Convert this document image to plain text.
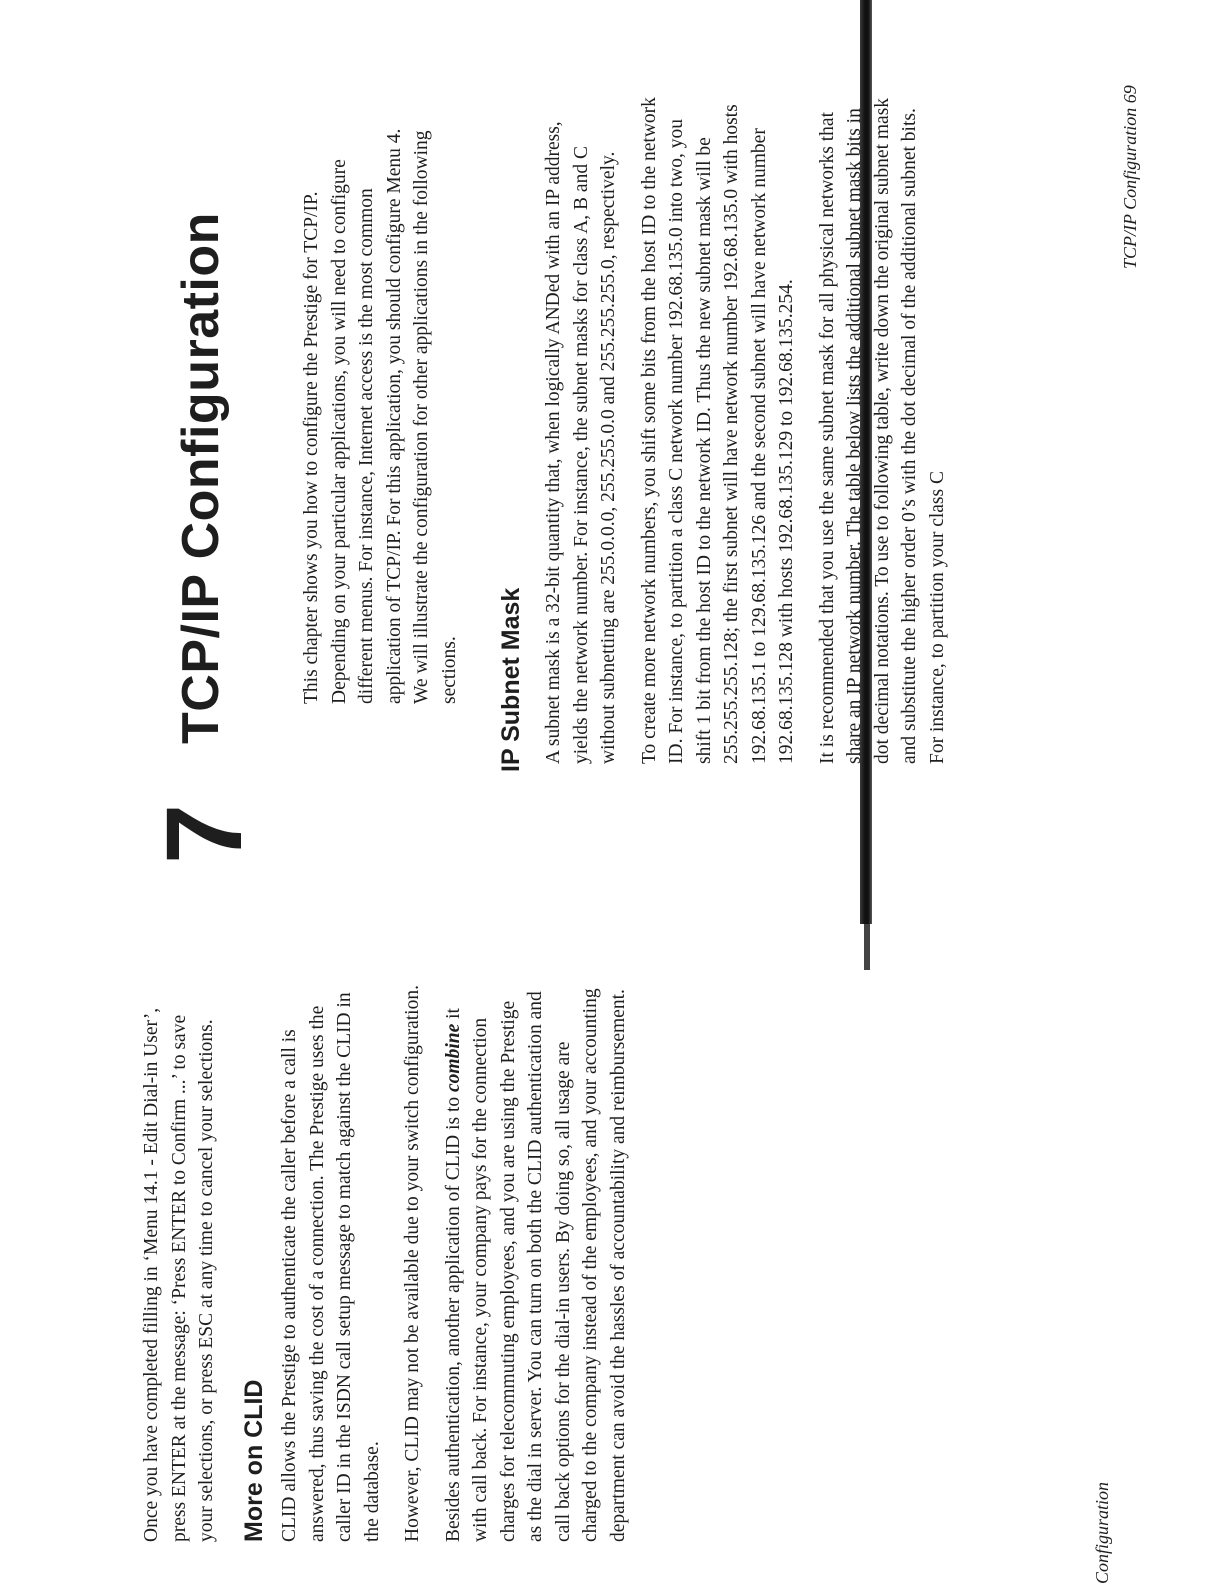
Once you have completed filling in ‘Menu 14.1 - Edit Dial-in User’, press ENTER at the message: ‘Press ENTER to Confirm ...’ to save your selections, or press ESC at any time to cancel your selections. More on CLID CLID allows the Prestige to authenticate the caller before a call is answered, thus saving the cost of a connection. The Prestige uses the caller ID in the ISDN call setup message to match against the CLID in the database. However, CLID may not be available due to your switch configuration. Besides authentication, another application of CLID is to combine it with call back. For instance, your company pays for the connection charges for telecommuting employees, and you are using the Prestige as the dial in server. You can turn on both the CLID authentication and call back options for the dial-in users. By doing so, all usage are charged to the company instead of the employees, and your accounting department can avoid the hassles of accountability and reimbursement.	Configuration
7
TCP/IP Configuration	This chapter shows you how to configure the Prestige for TCP/IP. Depending on your particular applications, you will need to configure different menus. For instance, Internet access is the most common application of TCP/IP. For this application, you should configure Menu 4. We will illustrate the configuration for other applications in the following sections. IP Subnet Mask A subnet mask is a 32-bit quantity that, when logically ANDed with an IP address, yields the network number. For instance, the subnet masks for class A, B and C without subnetting are 255.0.0.0, 255.255.0.0 and 255.255.255.0, respectively. To create more network numbers, you shift some bits from the host ID to the network ID. For instance, to partition a class C network number 192.68.135.0 into two, you shift 1 bit from the host ID to the network ID. Thus the new subnet mask will be 255.255.255.128; the first subnet will have network number 192.68.135.0 with hosts 192.68.135.1 to 129.68.135.126 and the second subnet will have network number 192.68.135.128 with hosts 192.68.135.129 to 192.68.135.254. It is recommended that you use the same subnet mask for all physical networks that share an IP network number. The table below lists the additional subnet mask bits in dot decimal notations. To use to following table, write down the original subnet mask and substitute the higher order 0’s with the dot decimal of the additional subnet bits. For instance, to partition your class C

TCP/IP Configuration 69
